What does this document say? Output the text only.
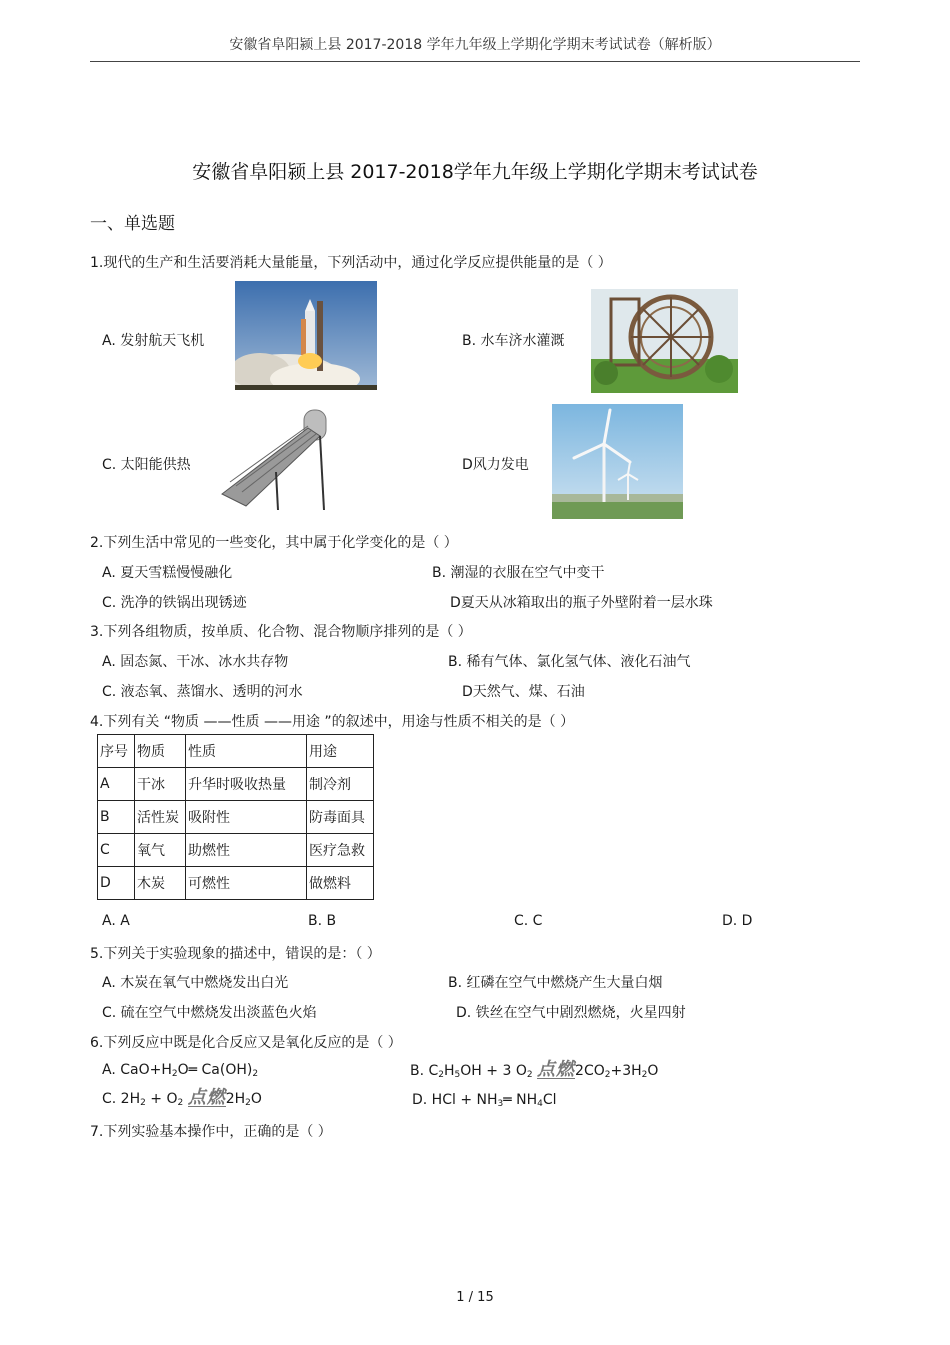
安徽省阜阳颍上县 2017-2018 学年九年级上学期化学期末考试试卷（解析版）
安徽省阜阳颍上县 2017-2018学年九年级上学期化学期末考试试卷
一、单选题
1.现代的生产和生活要消耗大量能量，下列活动中，通过化学反应提供能量的是（ ）
A. 发射航天飞机	B. 水车济水灌溉
C. 太阳能供热	D风力发电
2.下列生活中常见的一些变化，其中属于化学变化的是（ ）
A. 夏天雪糕慢慢融化	B. 潮湿的衣服在空气中变干
C. 洗净的铁锅出现锈迹	D夏天从冰箱取出的瓶子外壁附着一层水珠
3.下列各组物质，按单质、化合物、混合物顺序排列的是（ ）
A. 固态氮、干冰、冰水共存物	B. 稀有气体、氯化氢气体、液化石油气
C. 液态氧、蒸馏水、透明的河水	D天然气、煤、石油
4.下列有关 “物质 ——性质 ——用途 ”的叙述中，用途与性质不相关的是（ ）
序号	物质	性质	用途
A	干冰	升华时吸收热量	制冷剂
B	活性炭	吸附性	防毒面具
C	氧气	助燃性	医疗急救
D	木炭	可燃性	做燃料
A. A	B. B	C. C	D. D
5.下列关于实验现象的描述中，错误的是：（ ）
A. 木炭在氧气中燃烧发出白光	B. 红磷在空气中燃烧产生大量白烟
C. 硫在空气中燃烧发出淡蓝色火焰	D. 铁丝在空气中剧烈燃烧，火星四射
6.下列反应中既是化合反应又是氧化反应的是（ ）
A. $CaO+H_2O═$ $Ca(OH)_2$	B. $C_2H_5OH + 3$ $O_2$ 点燃$2CO_2+3H_2O$
C. $2H_2 + O_2$ 点燃$2H_2O$	D. HCl + $NH_3═$ $NH_4Cl$
7.下列实验基本操作中，正确的是（ ）
1 / 15
